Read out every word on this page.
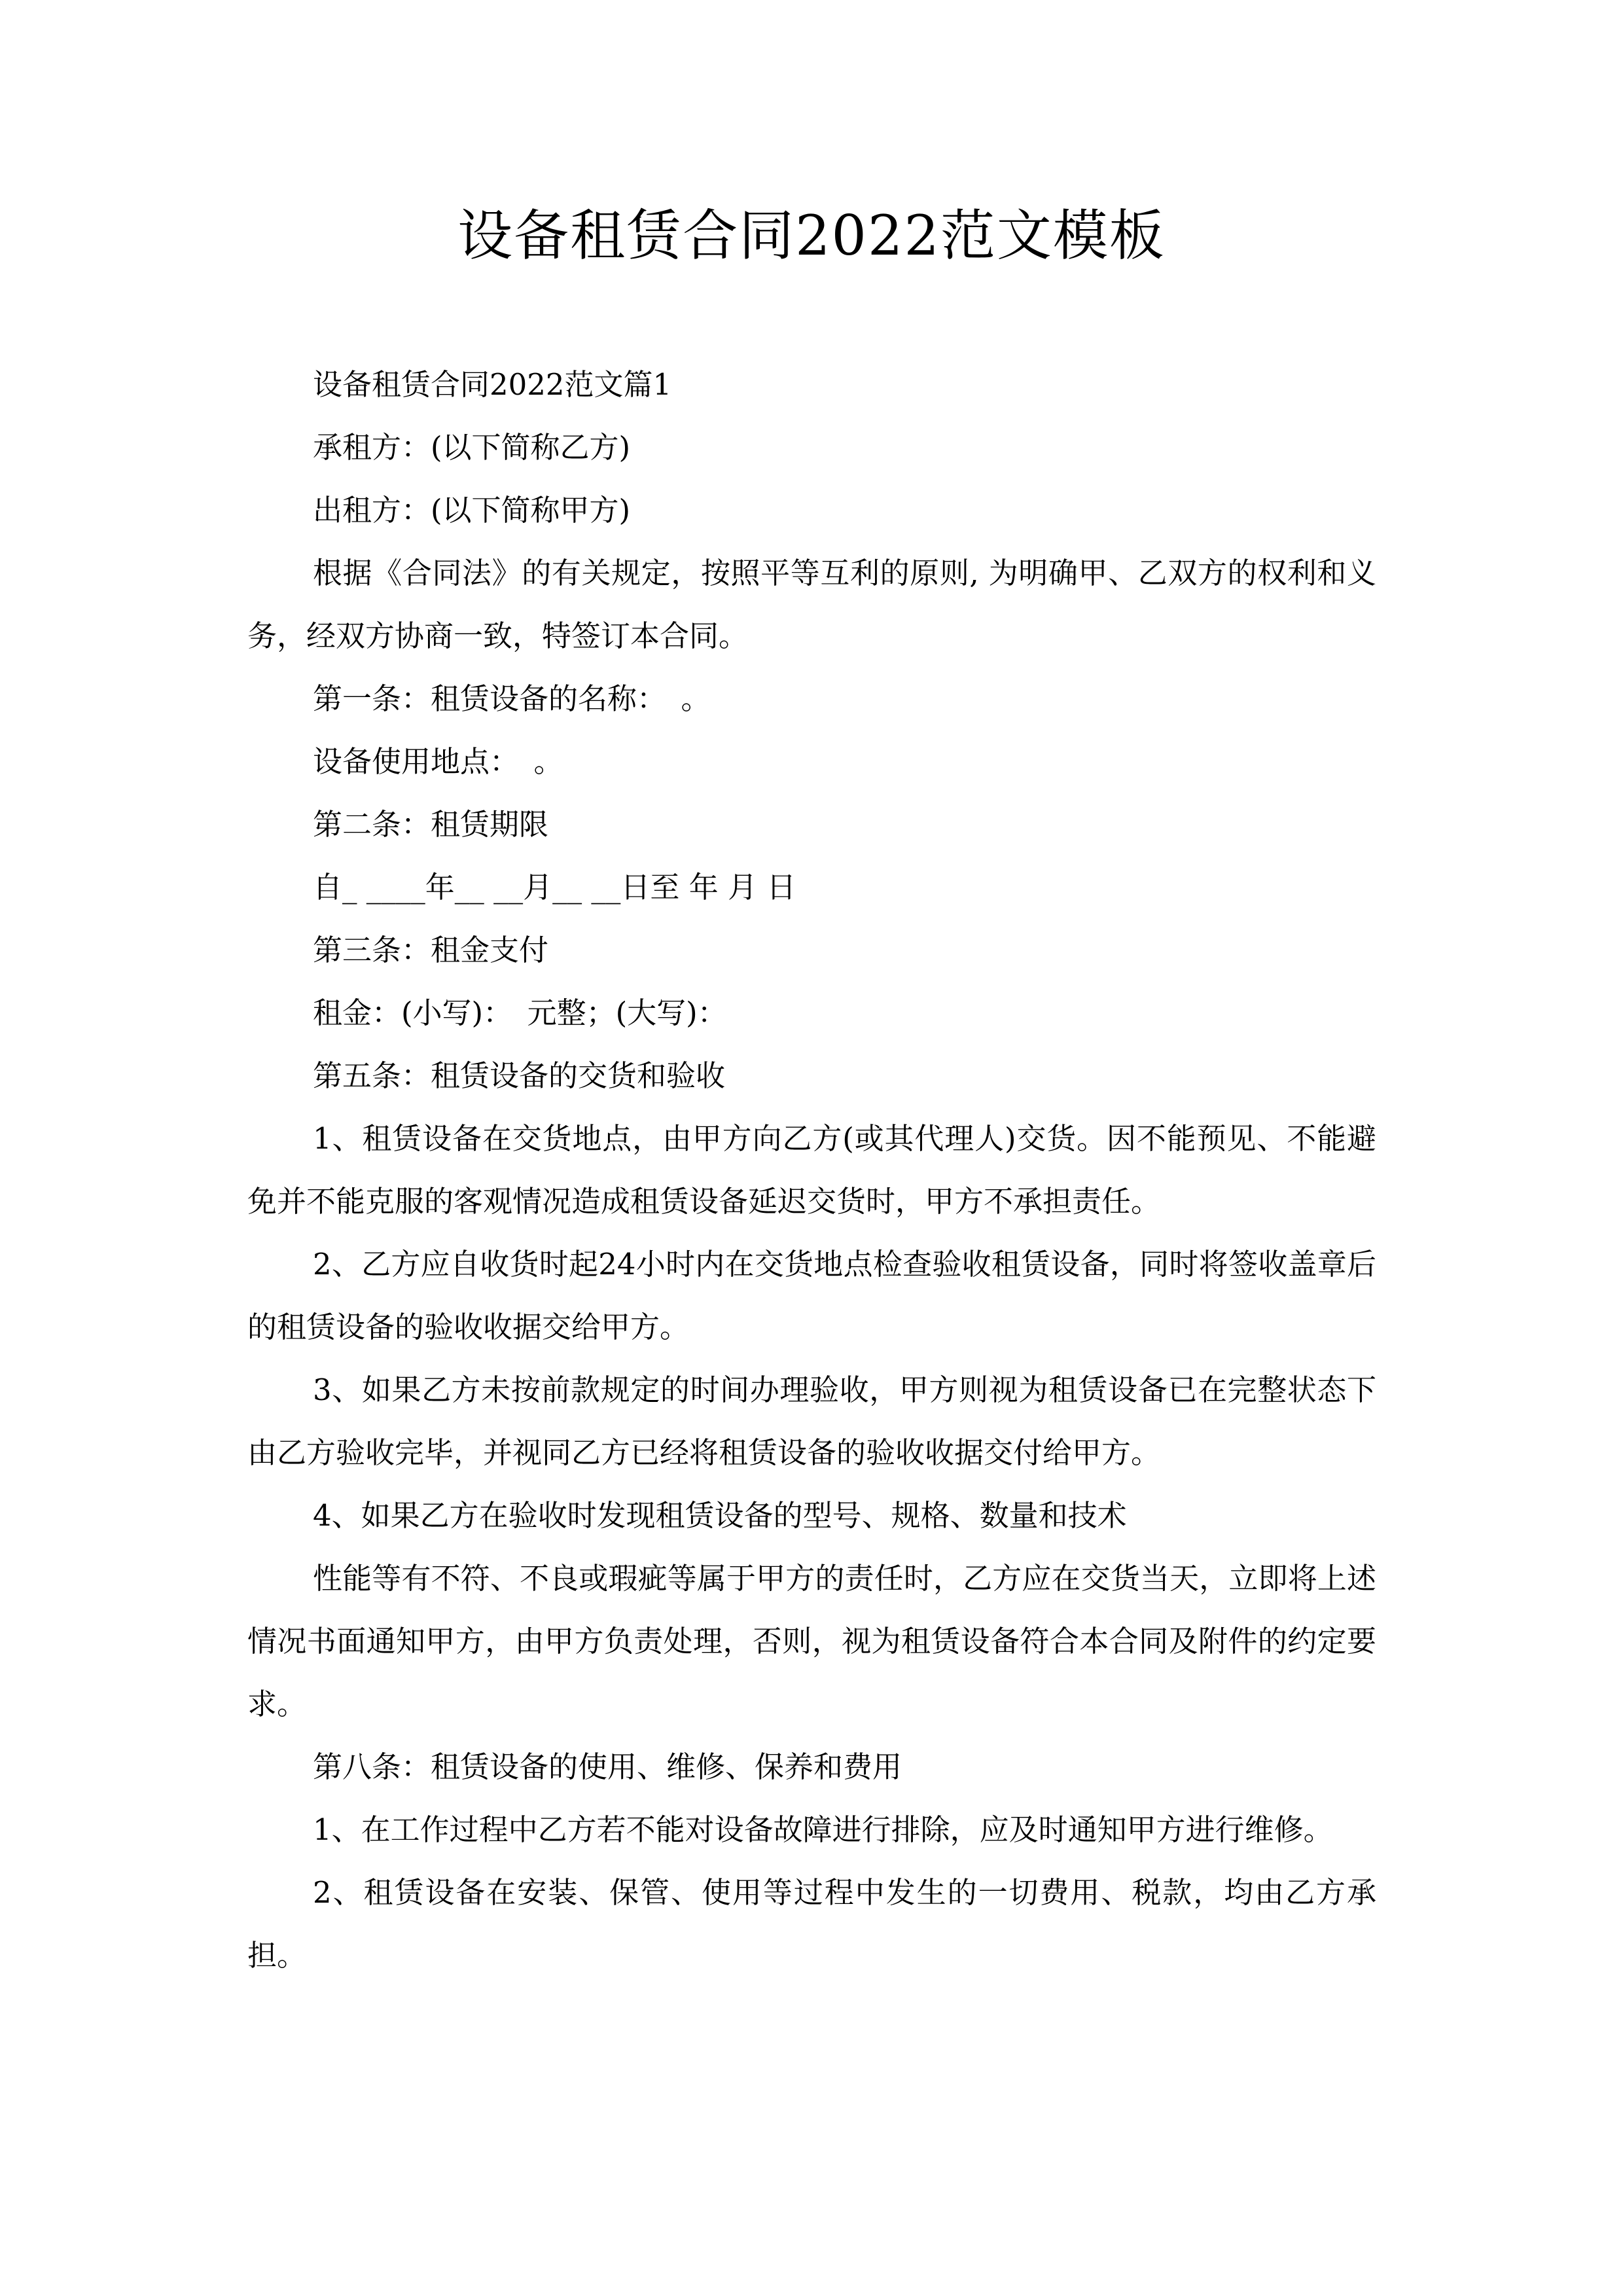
设备租赁合同2022范文模板

设备租赁合同2022范文篇1

承租方：(以下简称乙方)

出租方：(以下简称甲方)

根据《合同法》的有关规定，按照平等互利的原则, 为明确甲、乙双方的权利和义务，经双方协商一致，特签订本合同。

第一条：租赁设备的名称：　。

设备使用地点：　。

第二条：租赁期限

自_ ____年__ __月__ __日至 年 月 日

第三条：租金支付

租金：(小写)：　元整；(大写)：

第五条：租赁设备的交货和验收

1、租赁设备在交货地点，由甲方向乙方(或其代理人)交货。因不能预见、不能避免并不能克服的客观情况造成租赁设备延迟交货时，甲方不承担责任。

2、乙方应自收货时起24小时内在交货地点检查验收租赁设备，同时将签收盖章后的租赁设备的验收收据交给甲方。

3、如果乙方未按前款规定的时间办理验收，甲方则视为租赁设备已在完整状态下由乙方验收完毕，并视同乙方已经将租赁设备的验收收据交付给甲方。

4、如果乙方在验收时发现租赁设备的型号、规格、数量和技术

性能等有不符、不良或瑕疵等属于甲方的责任时，乙方应在交货当天，立即将上述情况书面通知甲方，由甲方负责处理，否则，视为租赁设备符合本合同及附件的约定要求。

第八条：租赁设备的使用、维修、保养和费用

1、在工作过程中乙方若不能对设备故障进行排除，应及时通知甲方进行维修。

2、租赁设备在安装、保管、使用等过程中发生的一切费用、税款，均由乙方承担。
